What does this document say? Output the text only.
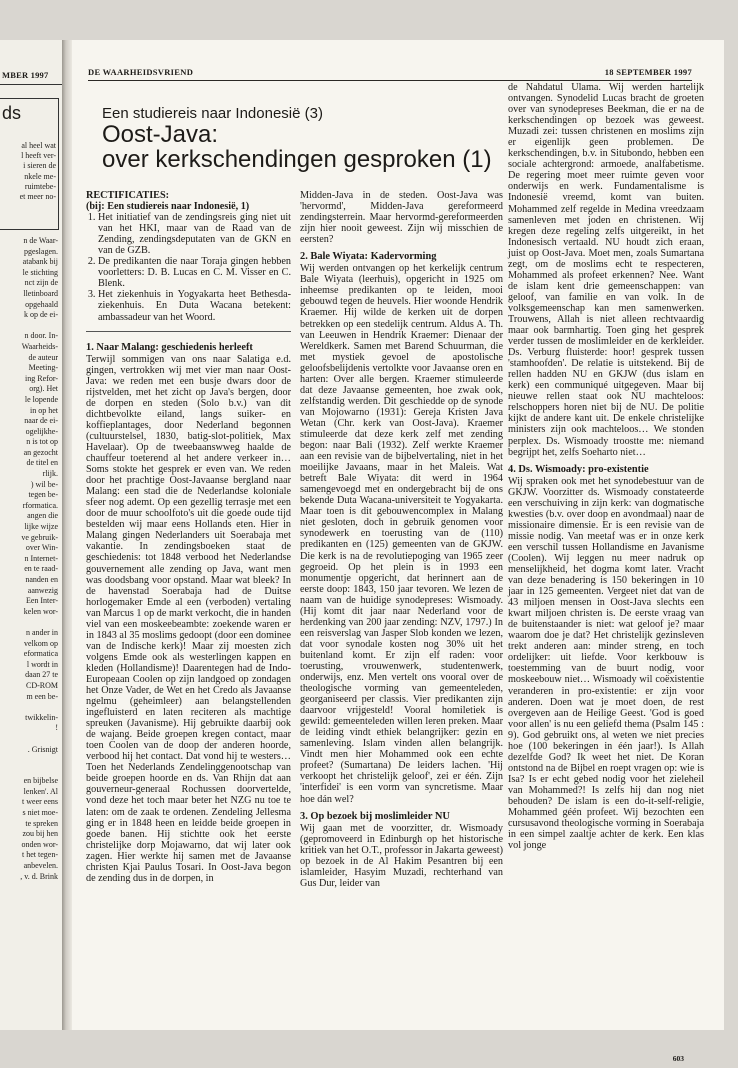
MBER 1997
ds
al heel wat
l heeft ver-
i sieren de
nkele me-
ruimtebe-
et meer no-
n de Waar-
pgeslagen.
atabank bij
le stichting
nct zijn de
lletinboard
opgehaald
k op de ei-
n door. In-
Waarheids-
de auteur
Meeting-
ing Refor-
org). Het
le lopende
in op het
naar de ei-
ogelijkhe-
n is tot op
an gezocht
de titel en
rlijk.
) wil be-
tegen be-
rformatica.
angen die
lijke wijze
ve gebruik-
over Win-
n Internet-
en te raad-
nanden en
aanwezig
Een Inter-
kelen wor-
n ander in
velkom op
eformatica
l wordt in
daan 27 te
CD-ROM
m een be-
twikkelin-
!
. Grisnigt
en bijbelse
lenken'. Al
t weer eens
s niet moe-
te spreken
zou bij hen
onden wor-
t het tegen-
anbevelen.
, v. d. Brink
DE WAARHEIDSVRIEND	18 SEPTEMBER 1997
Een studiereis naar Indonesië (3)
Oost-Java:
over kerkschendingen gesproken (1)
RECTIFICATIES:
(bij: Een studiereis naar Indonesië, 1)
1. Het initiatief van de zendingsreis ging niet uit van het HKI, maar van de Raad van de Zending, zendingsdeputaten van de GKN en van de GZB.
2. De predikanten die naar Toraja gingen hebben voorletters: D. B. Lucas en C. M. Visser en C. Blenk.
3. Het ziekenhuis in Yogyakarta heet Bethesda-ziekenhuis. En Duta Wacana betekent: ambassadeur van het Woord.
1. Naar Malang: geschiedenis herleeft

Terwijl sommigen van ons naar Salatiga e.d. gingen, vertrokken wij met vier man naar Oost-Java: we reden met een busje dwars door de rijstvelden, met het zicht op Java's bergen, door de dorpen en steden (Solo b.v.) van dit dichtbevolkte eiland, langs suiker- en koffieplantages, door Nederland begonnen (cultuurstelsel, 1830, batig-slot-politiek, Max Havelaar). Op de tweebaanswweg haalde de chauffeur toeterend al het andere verkeer in… Soms stokte het gesprek er even van. We reden door het prachtige Oost-Javaanse bergland naar Malang: een stad die de Nederlandse koloniale sfeer nog ademt. Op een gezellig terrasje met een door de muur schoolfoto's uit die goede oude tijd bestelden wij maar eens Hollands eten. Hier in Malang gingen Nederlanders uit Soerabaja met vakantie. In zendingsboeken staat de geschiedenis: tot 1848 verbood het Nederlandse gouvernement alle zending op Java, want men was doodsbang voor opstand. Maar wat bleek? In de havenstad Soerabaja had de Duitse horlogemaker Emde al een (verboden) vertaling van Marcus 1 op de markt verkocht, die in handen viel van een moskeebeambte: zoekende waren er in 1843 al 35 moslims gedoopt (door een dominee van de Indische kerk)! Maar zij moesten zich volgens Emde ook als westerlingen kappen en kleden (Hollandisme)! Daarentegen had de Indo-Europeaan Coolen op zijn landgoed op zondagen het Onze Vader, de Wet en het Credo als Javaanse ngelmu (geheimleer) aan belangstellenden ingefluisterd en laten reciteren als machtige spreuken (Javanisme). Hij gebruikte daarbij ook de wajang. Beide groepen kregen contact, maar toen Coolen van de doop der anderen hoorde, verbood hij het contact. Dat vond hij te westers… Toen het Nederlands Zendelinggenootschap van beide groepen hoorde en ds. Van Rhijn dat aan gouverneur-generaal Rochussen doorvertelde, vond deze het toch maar beter het NZG nu toe te laten: om de zaak te ordenen. Zendeling Jellesma ging er in 1848 heen en leidde beide groepen in goede banen. Hij stichtte ook het eerste christelijke dorp Mojawarno, dat wij later ook zagen. Hier werkte hij samen met de Javaanse christen Kjai Paulus Tosari. In Oost-Java begon de zending dus in de dorpen, in

Midden-Java in de steden. Oost-Java was 'hervormd', Midden-Java gereformeerd zendingsterrein. Maar hervormd-gereformeerden zijn hier nooit geweest. Zijn wij misschien de eersten?

2. Bale Wiyata: Kadervorming

Wij werden ontvangen op het kerkelijk centrum Bale Wiyata (leerhuis), opgericht in 1925 om inheemse predikanten op te leiden, mooi gebouwd tegen de heuvels. Hier woonde Hendrik Kraemer. Hij wilde de kerken uit de dorpen betrekken op een stedelijk centrum. Aldus A. Th. van Leeuwen in Hendrik Kraemer: Dienaar der Wereldkerk. Samen met Barend Schuurman, die met mystiek gevoel de apostolische geloofsbelijdenis vertolkte voor Javaanse oren en harten: Over alle bergen. Kraemer stimuleerde dat deze Javaanse gemeenten, hoe zwak ook, zelfstandig werden. Dit geschiedde op de synode van Mojowarno (1931): Gereja Kristen Java Wetan (Chr. kerk van Oost-Java). Kraemer stimuleerde dat deze kerk zelf met zending begon: naar Bali (1932). Zelf werkte Kraemer aan een revisie van de bijbelvertaling, niet in het moeilijke Javaans, maar in het Maleis. Wat betreft Bale Wiyata: dit werd in 1964 samengevoegd met en ondergebracht bij de ons bekende Duta Wacana-universiteit te Yogyakarta. Maar toen is dit gebouwencomplex in Malang niet gesloten, doch in gebruik genomen voor synodewerk en toerusting van de (110) predikanten en (125) gemeenten van de GKJW. Die kerk is na de revolutiepoging van 1965 zeer gegroeid. Op het plein is in 1993 een monumentje opgericht, dat herinnert aan de eerste doop: 1843, 150 jaar tevoren. We lezen de naam van de huidige synodepreses: Wismoady. (Hij komt dit jaar naar Nederland voor de herdenking van 200 jaar zending: NZV, 1797.) In een reisverslag van Jasper Slob konden we lezen, dat voor synodale kosten nog 30% uit het buitenland komt. Er zijn elf raden: voor toerusting, vrouwenwerk, studentenwerk, onderwijs, enz. Men vertelt ons vooral over de theologische vorming van gemeenteleden, georganiseerd per classis. Vier predikanten zijn daarvoor vrijgesteld! Vooral homiletiek is gewild: gemeenteleden willen leren preken. Maar de leiding vindt ethiek belangrijker: gezin en samenleving. Islam vinden allen belangrijk. Vindt men hier Mohammed ook een echte profeet? (Sumartana) De leiders lachen. 'Hij verkoopt het christelijk geloof', zei er één. Zijn 'interfidei' is een vorm van syncretisme. Maar hoe dán wel?

3. Op bezoek bij moslimleider NU

Wij gaan met de voorzitter, dr. Wismoady (gepromoveerd in Edinburgh op het historische kritiek van het O.T., professor in Jakarta geweest) op bezoek in de Al Hakim Pesantren bij een islamleider, Hasyim Muzadi, rechterhand van Gus Dur, leider van

de Nahdatul Ulama. Wij werden hartelijk ontvangen. Synodelid Lucas bracht de groeten over van synodepreses Beekman, die er na de kerkschendingen op bezoek was geweest. Muzadi zei: tussen christenen en moslims zijn er eigenlijk geen problemen. De kerkschendingen, b.v. in Situbondo, hebben een sociale achtergrond: armoede, analfabetisme. De regering moet meer ruimte geven voor onderwijs en werk. Fundamentalisme is Indonesië vreemd, komt van buiten. Mohammed zelf regelde in Medina vreedzaam samenleven met joden en christenen. Wij kregen deze regeling zelfs uitgereikt, in het Indonesisch vertaald. NU houdt zich eraan, juist op Oost-Java. Moet men, zoals Sumartana zegt, om de moslims echt te respecteren, Mohammed als profeet erkennen? Nee. Want de islam kent drie gemeenschappen: van geloof, van familie en van volk. In de volksgemeenschap kan men samenwerken. Trouwens, Allah is niet alleen rechtvaardig maar ook barmhartig. Toen ging het gesprek verder tussen de moslimleider en de kerkleider. Ds. Verburg fluisterde: hoor! gesprek tussen 'stamhoofden'. De relatie is uitstekend. Bij de rellen hadden NU en GKJW (dus islam en kerk) een communiqué uitgegeven. Maar bij nieuwe rellen staat ook NU machteloos: relschoppers horen niet bij de NU. De politie kijkt de andere kant uit. De enkele christelijke ministers zijn ook machteloos… We stonden perplex. Ds. Wismoady troostte me: niemand begrijpt het, zelfs Soeharto niet…

4. Ds. Wismoady: pro-existentie

Wij spraken ook met het synodebestuur van de GKJW. Voorzitter ds. Wismoady constateerde een verschuiving in zijn kerk: van dogmatische kwesties (b.v. over doop en avondmaal) naar de missionaire dimensie. Er is een revisie van de missie nodig. Van meetaf was er in onze kerk een verschil tussen Hollandisme en Javanisme (Coolen). Wij leggen nu meer nadruk op menselijkheid, het dogma komt later. Vracht van deze benadering is 150 bekeringen in 10 jaar in 125 gemeenten. Vergeet niet dat van de 43 miljoen mensen in Oost-Java slechts een kwart miljoen christen is. De eerste vraag van de buitenstaander is niet: wat geloof je? maar waarom doe je dat? Het christelijk gezinsleven trekt anderen aan: minder streng, en toch ordelijker: uit liefde. Voor kerkbouw is toestemming van de buurt nodig, voor moskeebouw niet… Wismoady wil coëxistentie veranderen in pro-existentie: er zijn voor anderen. Doen wat je moet doen, de rest overgeven aan de Heilige Geest. 'God is goed voor allen' is nu een geliefd thema (Psalm 145 : 9). God gebruikt ons, al weten we niet precies hoe (100 bekeringen in één jaar!). Is Allah dezelfde God? Ik weet het niet. De Koran ontstond na de Bijbel en roept vragen op: wie is Isa? Is er echt gebed nodig voor het zieleheil van Mohammed?! Is zelfs hij dan nog niet behouden? De islam is een do-it-self-religie, Mohammed géén profeet. Wij bezochten een cursusavond theologische vorming in Soerabaja in een simpel zaaltje achter de kerk. Een klas vol jonge

603
